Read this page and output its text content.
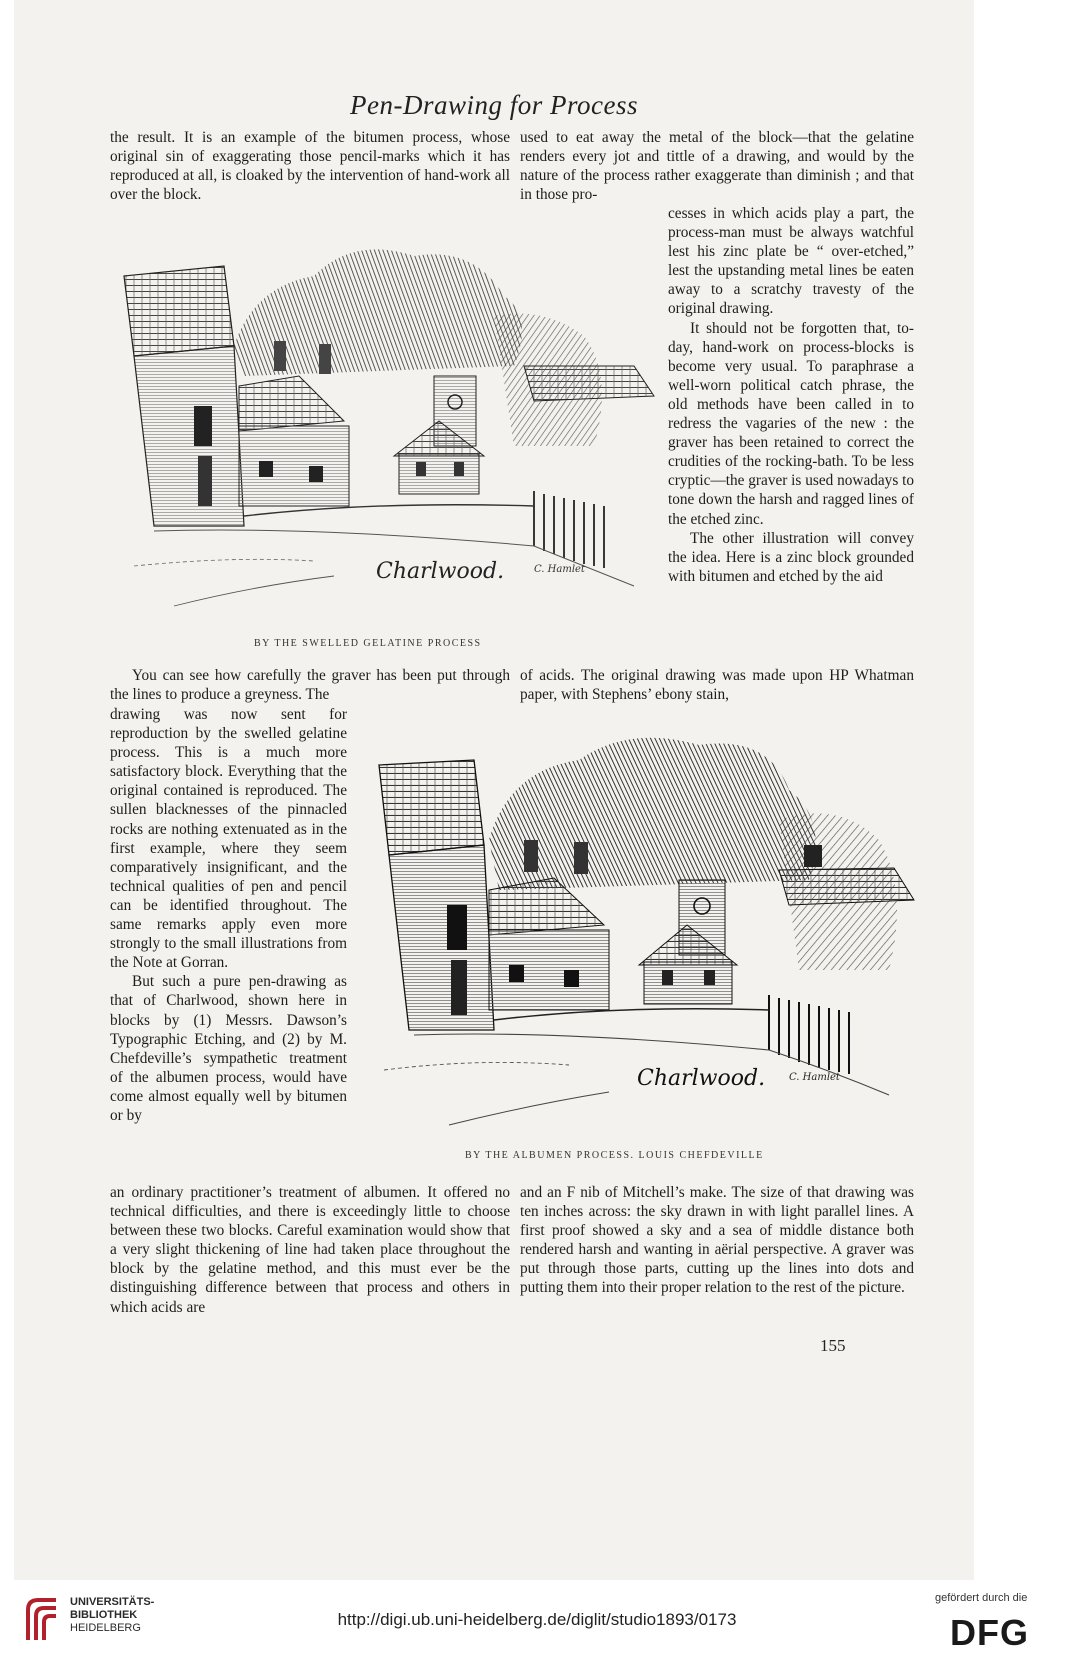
Pen-Drawing for Process

the result. It is an example of the bitumen process, whose original sin of exaggerating those pencil-marks which it has reproduced at all, is cloaked by the intervention of hand-work all over the block.

used to eat away the metal of the block—that the gelatine renders every jot and tittle of a drawing, and would by the nature of the process rather exaggerate than diminish ; and that in those pro-

cesses in which acids play a part, the process-man must be always watchful lest his zinc plate be “ over-etched,” lest the upstanding metal lines be eaten away to a scratchy travesty of the original drawing.

It should not be forgotten that, to-day, hand-work on process-blocks is become very usual. To paraphrase a well-worn political catch phrase, the old methods have been called in to redress the vagaries of the new : the graver has been retained to correct the crudities of the rocking-bath. To be less cryptic—the graver is used nowadays to tone down the harsh and ragged lines of the etched zinc.

The other illustration will convey the idea. Here is a zinc block grounded with bitumen and etched by the aid

Charlwood.	C. Hamlet
BY THE SWELLED GELATINE PROCESS

You can see how carefully the graver has been put through the lines to produce a greyness. The

of acids. The original drawing was made upon HP Whatman paper, with Stephens’ ebony stain,

drawing was now sent for reproduction by the swelled gelatine process. This is a much more satisfactory block. Everything that the original contained is reproduced. The sullen blacknesses of the pinnacled rocks are nothing extenuated as in the first example, where they seem comparatively insignificant, and the technical qualities of pen and pencil can be identified throughout. The same remarks apply even more strongly to the small illustrations from the Note at Gorran.

But such a pure pen-drawing as that of Charlwood, shown here in blocks by (1) Messrs. Dawson’s Typographic Etching, and (2) by M. Chefdeville’s sympathetic treatment of the albumen process, would have come almost equally well by bitumen or by

Charlwood. C. Hamlet
BY THE ALBUMEN PROCESS. LOUIS CHEFDEVILLE

an ordinary practitioner’s treatment of albumen. It offered no technical difficulties, and there is exceedingly little to choose between these two blocks. Careful examination would show that a very slight thickening of line had taken place throughout the block by the gelatine method, and this must ever be the distinguishing difference between that process and others in which acids are

and an F nib of Mitchell’s make. The size of that drawing was ten inches across: the sky drawn in with light parallel lines. A first proof showed a sky and a sea of middle distance both rendered harsh and wanting in aërial perspective. A graver was put through those parts, cutting up the lines into dots and putting them into their proper relation to the rest of the picture.

155
UNIVERSITÄTS-
BIBLIOTHEK
HEIDELBERG	http://digi.ub.uni-heidelberg.de/diglit/studio1893/0173
gefördert durch die
DFG
